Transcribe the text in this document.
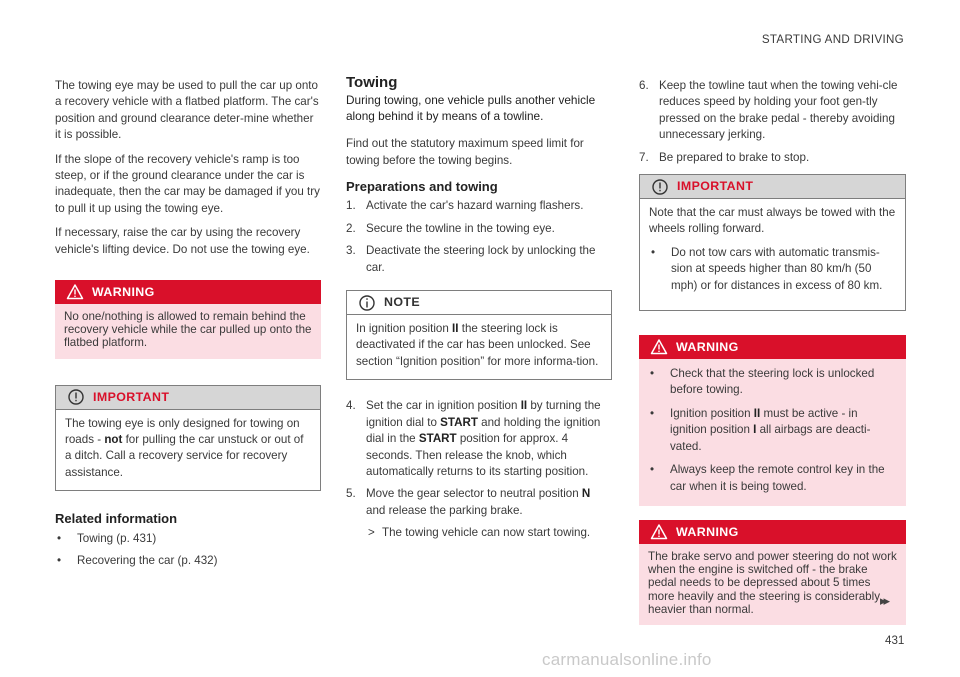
STARTING AND DRIVING

The towing eye may be used to pull the car up onto a recovery vehicle with a flatbed platform. The car's position and ground clearance deter-mine whether it is possible.

If the slope of the recovery vehicle's ramp is too steep, or if the ground clearance under the car is inadequate, then the car may be damaged if you try to pull it up using the towing eye.

If necessary, raise the car by using the recovery vehicle's lifting device. Do not use the towing eye.

WARNING
No one/nothing is allowed to remain behind the recovery vehicle while the car pulled up onto the flatbed platform.
IMPORTANT
The towing eye is only designed for towing on roads - not for pulling the car unstuck or out of a ditch. Call a recovery service for recovery assistance.
Related information
•	Towing (p. 431)
•	Recovering the car (p. 432)
Towing
During towing, one vehicle pulls another vehicle along behind it by means of a towline.

Find out the statutory maximum speed limit for towing before the towing begins.

Preparations and towing
1. Activate the car's hazard warning flashers.
2. Secure the towline in the towing eye.
3. Deactivate the steering lock by unlocking the car.
NOTE
In ignition position II the steering lock is deactivated if the car has been unlocked. See section “Ignition position” for more informa-tion.
4. Set the car in ignition position II by turning the ignition dial to START and holding the ignition dial in the START position for approx. 4 seconds. Then release the knob, which automatically returns to its starting position.
5. Move the gear selector to neutral position N and release the parking brake.
> The towing vehicle can now start towing.
6. Keep the towline taut when the towing vehi-cle reduces speed by holding your foot gen-tly pressed on the brake pedal - thereby avoiding unnecessary jerking.
7. Be prepared to brake to stop.
IMPORTANT
Note that the car must always be towed with the wheels rolling forward.
•	Do not tow cars with automatic transmis-sion at speeds higher than 80 km/h (50 mph) or for distances in excess of 80 km.
WARNING
•	Check that the steering lock is unlocked before towing.
•	Ignition position II must be active - in ignition position I all airbags are deacti-vated.
•	Always keep the remote control key in the car when it is being towed.
WARNING
The brake servo and power steering do not work when the engine is switched off - the brake pedal needs to be depressed about 5 times more heavily and the steering is considerably heavier than normal.
▸▸
431
carmanualsonline.info
